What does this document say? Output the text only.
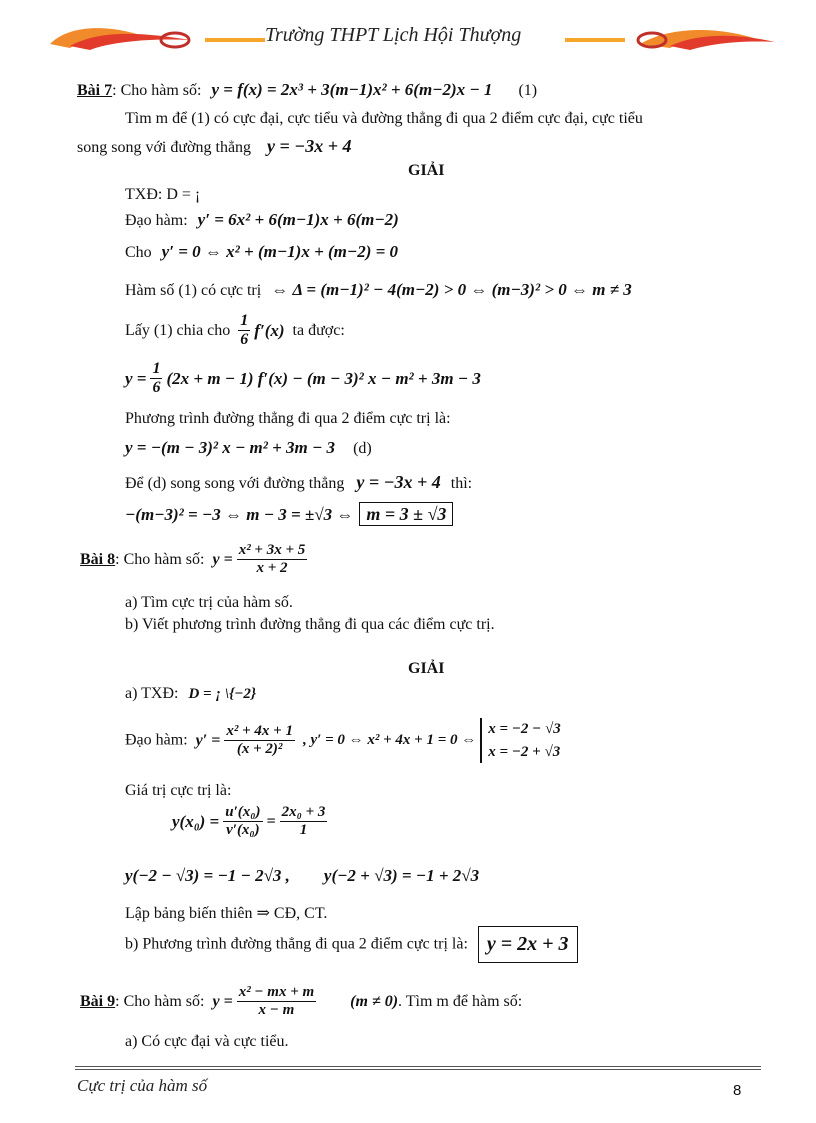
Trường THPT Lịch Hội Thượng
Bài 7: Cho hàm số: y = f(x) = 2x³ + 3(m−1)x² + 6(m−2)x − 1 (1)
Tìm m để (1) có cực đại, cực tiểu và đường thẳng đi qua 2 điểm cực đại, cực tiểu
song song với đường thẳng y = −3x + 4
GIẢI
TXĐ: D = ¡
Đạo hàm: y′ = 6x² + 6(m−1)x + 6(m−2)
Cho y′ = 0 ⇔ x² + (m−1)x + (m−2) = 0
Hàm số (1) có cực trị ⇔ Δ = (m−1)² − 4(m−2) > 0 ⇔ (m−3)² > 0 ⇔ m ≠ 3
Lấy (1) chia cho $\frac{1}{6} f'(x)$ ta được:
$y = \frac{1}{6} (2x + m - 1) f'(x) - (m - 3)^2$ x − m² + 3m − 3
Phương trình đường thẳng đi qua 2 điểm cực trị là:
y = −(m − 3)² x − m² + 3m − 3 (d)
Để (d) song song với đường thẳng y = −3x + 4 thì:
−(m−3)² = −3 ⇔ m − 3 = ±√3 ⇔ m = 3 ± √3
Bài 8: Cho hàm số: $y = \frac{\text{x² + 3x + 5}}{x + 2}$
a) Tìm cực trị của hàm số.
b) Viết phương trình đường thẳng đi qua các điểm cực trị.
GIẢI
a) TXĐ: D = ¡ \{−2}
Đạo hàm: $y' = \frac{\text{x² + 4x + 1}}{\text{(x + 2)²}}$ , y′ = 0 ⇔ x² + 4x + 1 = 0 ⇔
x = −2 − √3
x = −2 + √3
Giá trị cực trị là:
$y(x_0) = \frac{\text{u′(x₀)}}{\text{v′(x₀)}} = \frac{\text{2x₀ + 3}}{1}$
y(−2 − √3) = −1 − 2√3 , y(−2 + √3) = −1 + 2√3
Lập bảng biến thiên ⇒ CĐ, CT.
b) Phương trình đường thẳng đi qua 2 điểm cực trị là: y = 2x + 3
Bài 9: Cho hàm số: $y = \frac{\text{x² − mx + m}}{x - m} (m \ne 0)$. Tìm m để hàm số:
a) Có cực đại và cực tiểu.
Cực trị của hàm số	8
